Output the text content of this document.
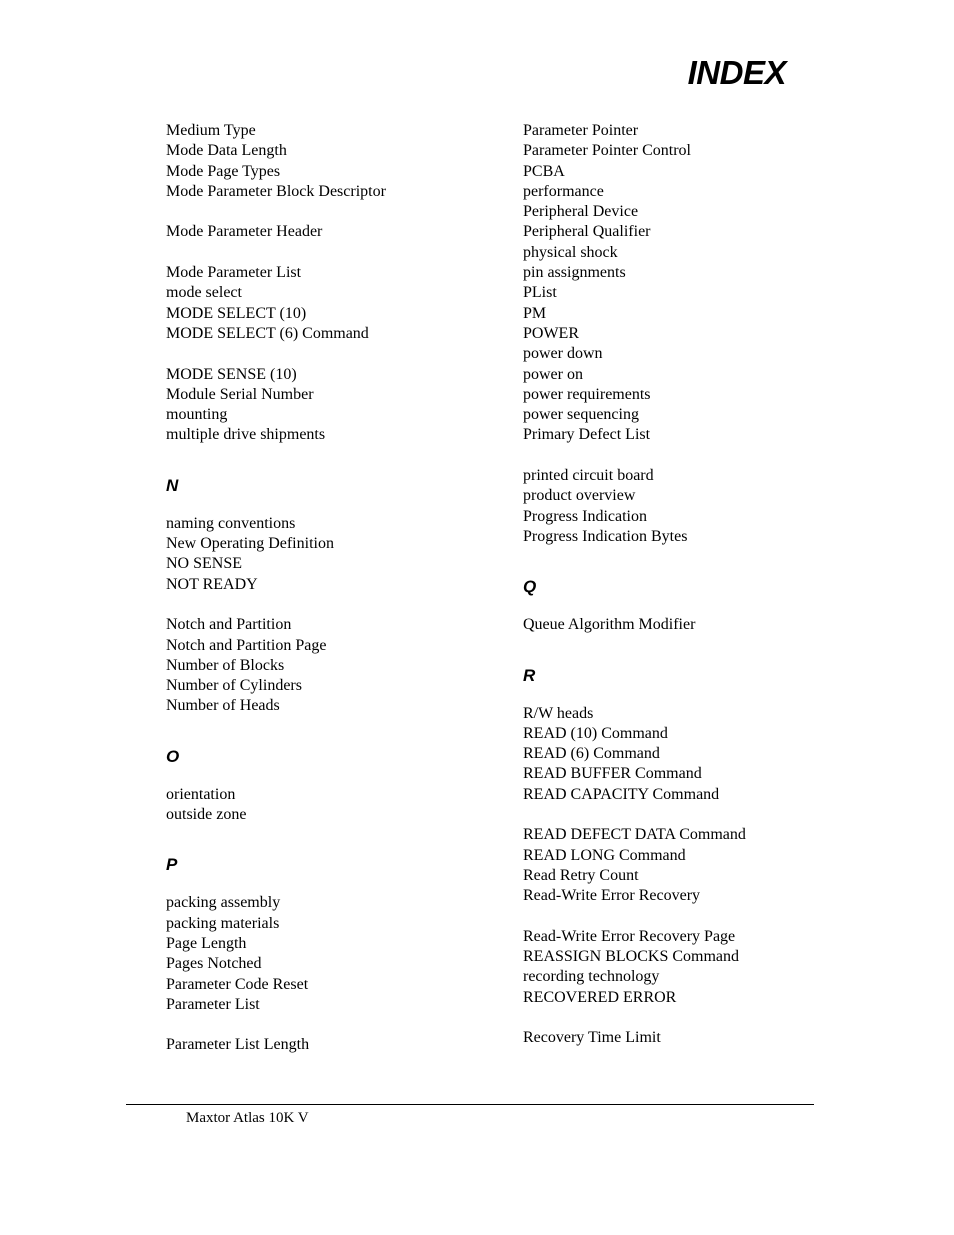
INDEX
Medium Type
Mode Data Length
Mode Page Types
Mode Parameter Block Descriptor
Mode Parameter Header
Mode Parameter List
mode select
MODE SELECT (10)
MODE SELECT (6) Command
MODE SENSE (10)
Module Serial Number
mounting
multiple drive shipments
N
naming conventions
New Operating Definition
NO SENSE
NOT READY
Notch and Partition
Notch and Partition Page
Number of Blocks
Number of Cylinders
Number of Heads
O
orientation
outside zone
P
packing assembly
packing materials
Page Length
Pages Notched
Parameter Code Reset
Parameter List
Parameter List Length
Parameter Pointer
Parameter Pointer Control
PCBA
performance
Peripheral Device
Peripheral Qualifier
physical shock
pin assignments
PList
PM
POWER
power down
power on
power requirements
power sequencing
Primary Defect List
printed circuit board
product overview
Progress Indication
Progress Indication Bytes
Q
Queue Algorithm Modifier
R
R/W heads
READ (10) Command
READ (6) Command
READ BUFFER Command
READ CAPACITY Command
READ DEFECT DATA Command
READ LONG Command
Read Retry Count
Read-Write Error Recovery
Read-Write Error Recovery Page
REASSIGN BLOCKS Command
recording technology
RECOVERED ERROR
Recovery Time Limit
Maxtor Atlas 10K V
